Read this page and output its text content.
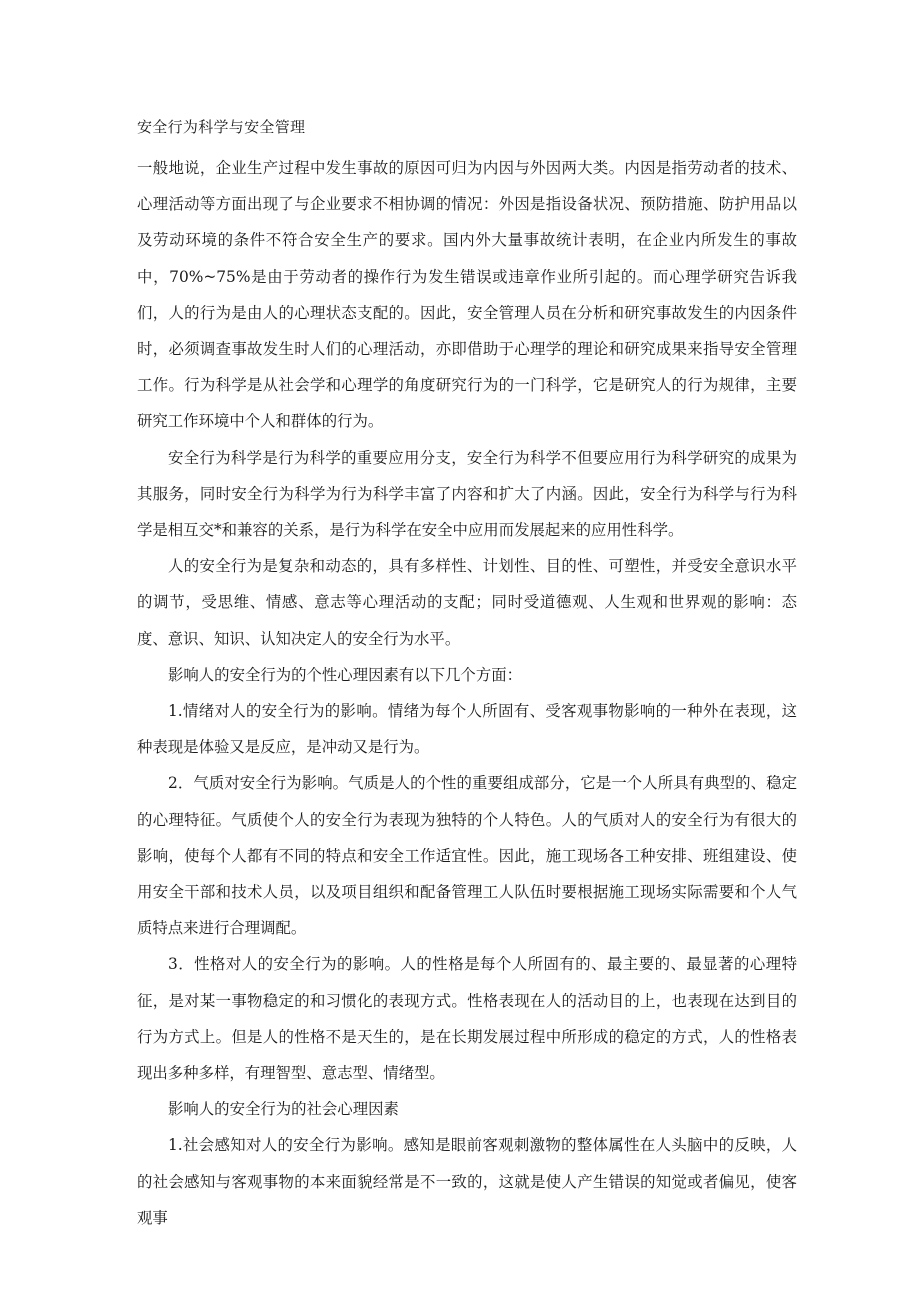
安全行为科学与安全管理

一般地说，企业生产过程中发生事故的原因可归为内因与外因两大类。内因是指劳动者的技术、心理活动等方面出现了与企业要求不相协调的情况：外因是指设备状况、预防措施、防护用品以及劳动环境的条件不符合安全生产的要求。国内外大量事故统计表明，在企业内所发生的事故中，70%~75%是由于劳动者的操作行为发生错误或违章作业所引起的。而心理学研究告诉我们，人的行为是由人的心理状态支配的。因此，安全管理人员在分析和研究事故发生的内因条件时，必须调查事故发生时人们的心理活动，亦即借助于心理学的理论和研究成果来指导安全管理工作。行为科学是从社会学和心理学的角度研究行为的一门科学，它是研究人的行为规律，主要研究工作环境中个人和群体的行为。

安全行为科学是行为科学的重要应用分支，安全行为科学不但要应用行为科学研究的成果为其服务，同时安全行为科学为行为科学丰富了内容和扩大了内涵。因此，安全行为科学与行为科学是相互交*和兼容的关系，是行为科学在安全中应用而发展起来的应用性科学。

人的安全行为是复杂和动态的，具有多样性、计划性、目的性、可塑性，并受安全意识水平的调节，受思维、情感、意志等心理活动的支配；同时受道德观、人生观和世界观的影响：态度、意识、知识、认知决定人的安全行为水平。

影响人的安全行为的个性心理因素有以下几个方面：

1.情绪对人的安全行为的影响。情绪为每个人所固有、受客观事物影响的一种外在表现，这种表现是体验又是反应，是冲动又是行为。

2．气质对安全行为影响。气质是人的个性的重要组成部分，它是一个人所具有典型的、稳定的心理特征。气质使个人的安全行为表现为独特的个人特色。人的气质对人的安全行为有很大的影响，使每个人都有不同的特点和安全工作适宜性。因此，施工现场各工种安排、班组建设、使用安全干部和技术人员，以及项目组织和配备管理工人队伍时要根据施工现场实际需要和个人气质特点来进行合理调配。

3．性格对人的安全行为的影响。人的性格是每个人所固有的、最主要的、最显著的心理特征，是对某一事物稳定的和习惯化的表现方式。性格表现在人的活动目的上，也表现在达到目的行为方式上。但是人的性格不是天生的，是在长期发展过程中所形成的稳定的方式，人的性格表现出多种多样，有理智型、意志型、情绪型。

影响人的安全行为的社会心理因素

1.社会感知对人的安全行为影响。感知是眼前客观刺激物的整体属性在人头脑中的反映，人的社会感知与客观事物的本来面貌经常是不一致的，这就是使人产生错误的知觉或者偏见，使客观事
